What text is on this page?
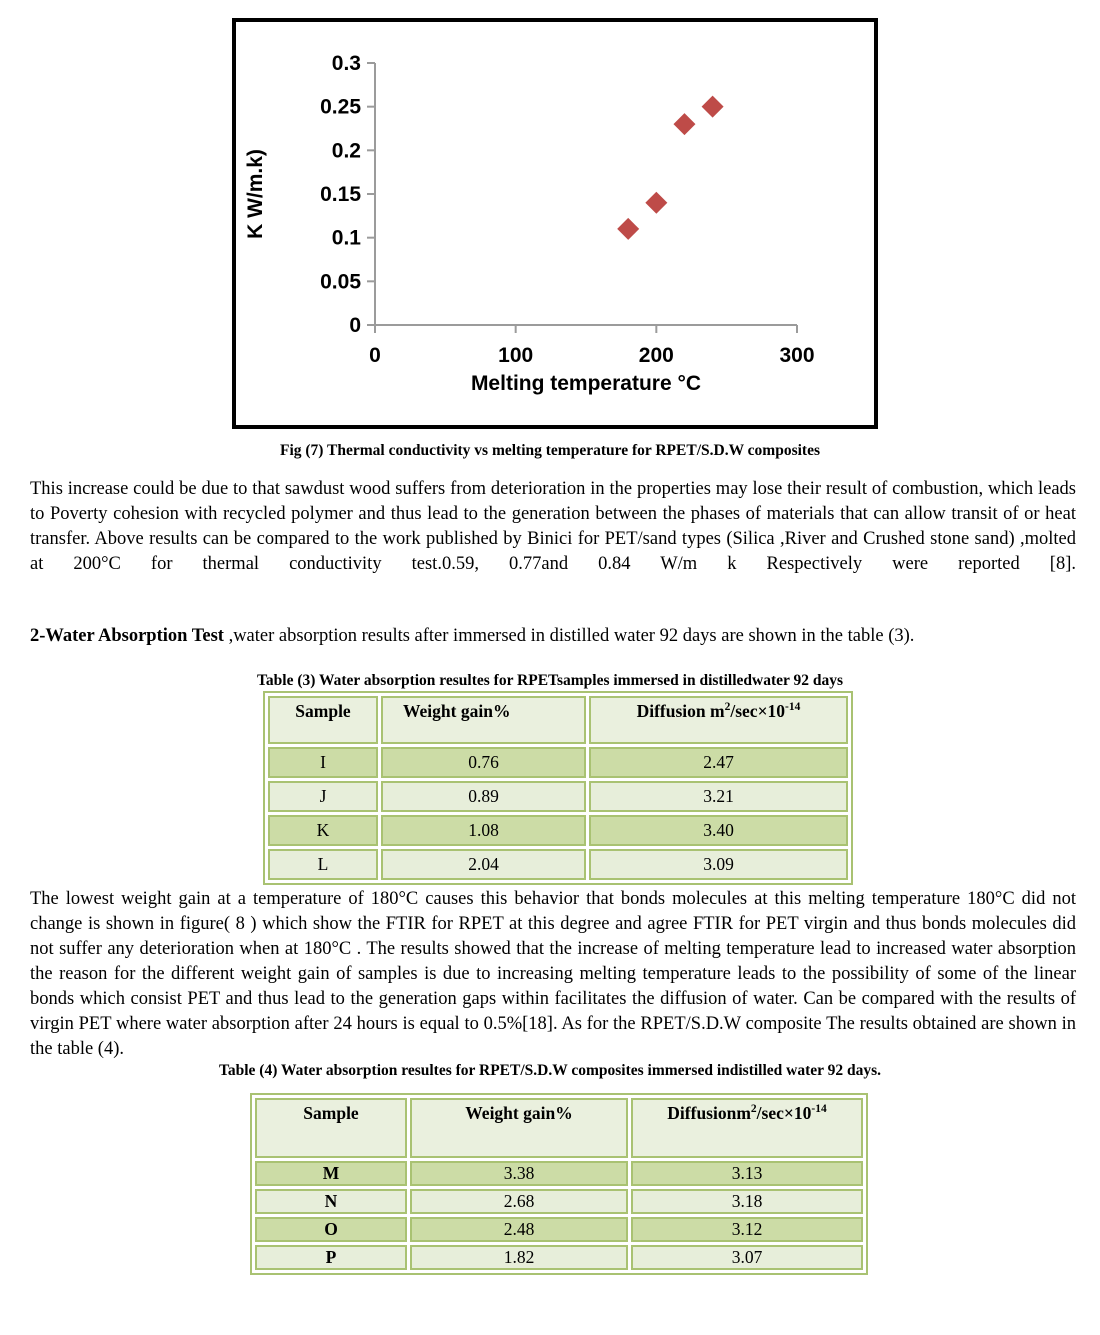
0
0.05
0.1
0.15
0.2
0.25
0.3
0	100	200	300
K W/m.k)
Melting temperature °C
Fig (7) Thermal conductivity vs melting temperature for RPET/S.D.W composites

This increase could be due to that sawdust wood suffers from deterioration in the properties may lose their result of combustion, which leads to Poverty cohesion with recycled polymer and thus lead to the generation between the phases of materials that can allow transit of or heat transfer. Above results can be compared to the work published by Binici for PET/sand types (Silica ,River and Crushed stone sand) ,molted at 200°C for thermal conductivity test.0.59, 0.77and 0.84 W/m k Respectively were reported [8].

2-Water Absorption Test ,water absorption results after immersed in distilled water 92 days are shown in the table (3).

Table (3) Water absorption resultes for RPETsamples immersed in distilledwater 92 days
Sample	Weight gain%	Diffusion $m^2/\sec\times 10^{-14}$
I	0.76	2.47
J	0.89	3.21
K	1.08	3.40
L	2.04	3.09

The lowest weight gain at a temperature of 180°C causes this behavior that bonds molecules at this melting temperature 180°C did not change is shown in figure( 8 ) which show the FTIR for RPET at this degree and agree FTIR for PET virgin and thus bonds molecules did not suffer any deterioration when at 180°C . The results showed that the increase of melting temperature lead to increased water absorption the reason for the different weight gain of samples is due to increasing melting temperature leads to the possibility of some of the linear bonds which consist PET and thus lead to the generation gaps within facilitates the diffusion of water. Can be compared with the results of virgin PET where water absorption after 24 hours is equal to 0.5%[18]. As for the RPET/S.D.W composite The results obtained are shown in the table (4).

Table (4) Water absorption resultes for RPET/S.D.W composites immersed indistilled water 92 days.
Sample	Weight gain%	$Diffusionm^2/\sec\times 10^{-14}$
M	3.38	3.13
N	2.68	3.18
O	2.48	3.12
P	1.82	3.07
